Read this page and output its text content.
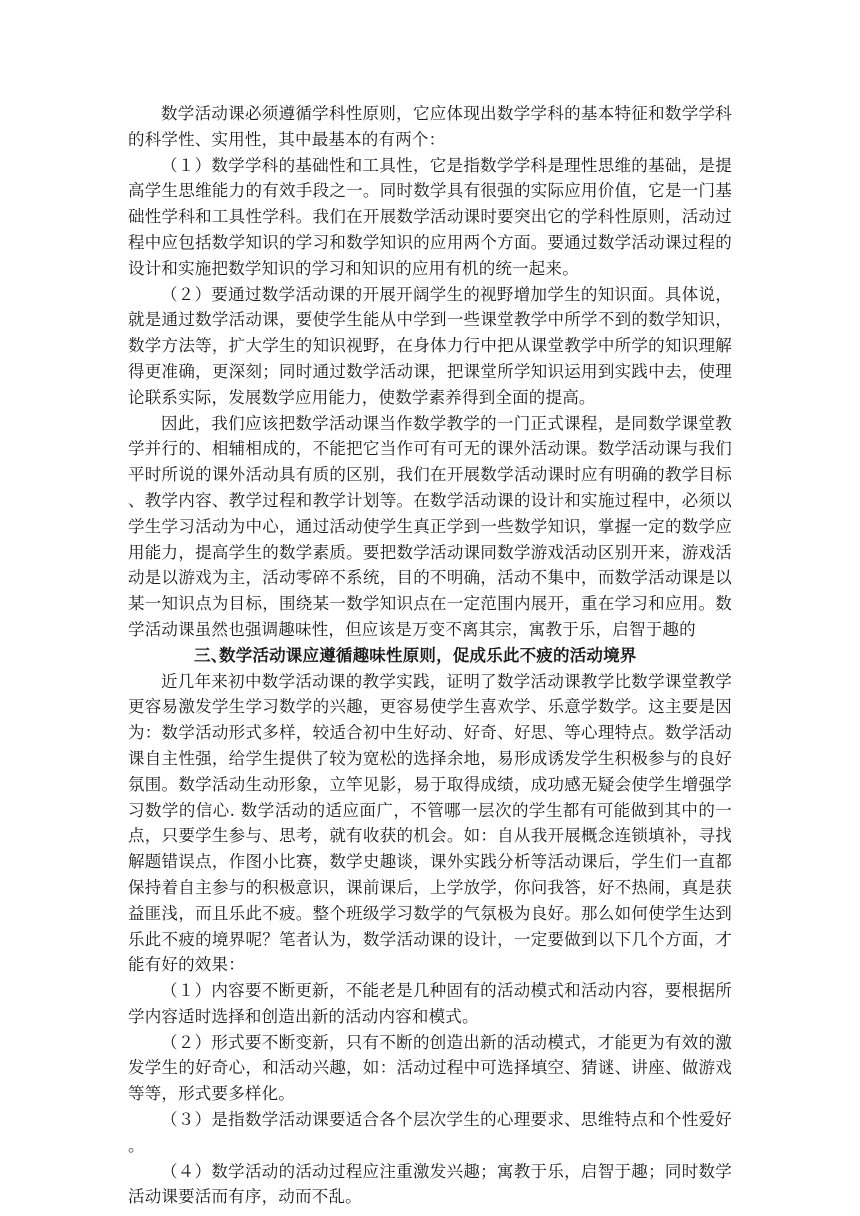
数学活动课必须遵循学科性原则，它应体现出数学学科的基本特征和数学学科的科学性、实用性，其中最基本的有两个：

（１）数学学科的基础性和工具性，它是指数学学科是理性思维的基础，是提高学生思维能力的有效手段之一。同时数学具有很强的实际应用价值，它是一门基础性学科和工具性学科。我们在开展数学活动课时要突出它的学科性原则，活动过程中应包括数学知识的学习和数学知识的应用两个方面。要通过数学活动课过程的设计和实施把数学知识的学习和知识的应用有机的统一起来。

（２）要通过数学活动课的开展开阔学生的视野增加学生的知识面。具体说，就是通过数学活动课，要使学生能从中学到一些课堂教学中所学不到的数学知识，数学方法等，扩大学生的知识视野，在身体力行中把从课堂教学中所学的知识理解得更准确，更深刻；同时通过数学活动课，把课堂所学知识运用到实践中去，使理论联系实际，发展数学应用能力，使数学素养得到全面的提高。

因此，我们应该把数学活动课当作数学教学的一门正式课程，是同数学课堂教学并行的、相辅相成的，不能把它当作可有可无的课外活动课。数学活动课与我们平时所说的课外活动具有质的区别，我们在开展数学活动课时应有明确的教学目标、教学内容、教学过程和教学计划等。在数学活动课的设计和实施过程中，必须以学生学习活动为中心，通过活动使学生真正学到一些数学知识，掌握一定的数学应用能力，提高学生的数学素质。要把数学活动课同数学游戏活动区别开来，游戏活动是以游戏为主，活动零碎不系统，目的不明确，活动不集中，而数学活动课是以某一知识点为目标，围绕某一数学知识点在一定范围内展开，重在学习和应用。数学活动课虽然也强调趣味性，但应该是万变不离其宗，寓教于乐，启智于趣的

三、数学活动课应遵循趣味性原则，促成乐此不疲的活动境界

近几年来初中数学活动课的教学实践，证明了数学活动课教学比数学课堂教学更容易激发学生学习数学的兴趣，更容易使学生喜欢学、乐意学数学。这主要是因为：数学活动形式多样，较适合初中生好动、好奇、好思、等心理特点。数学活动课自主性强，给学生提供了较为宽松的选择余地，易形成诱发学生积极参与的良好氛围。数学活动生动形象，立竿见影，易于取得成绩，成功感无疑会使学生增强学习数学的信心. 数学活动的适应面广，不管哪一层次的学生都有可能做到其中的一点，只要学生参与、思考，就有收获的机会。如：自从我开展概念连锁填补，寻找解题错误点，作图小比赛，数学史趣谈，课外实践分析等活动课后，学生们一直都保持着自主参与的积极意识，课前课后，上学放学，你问我答，好不热闹，真是获益匪浅，而且乐此不疲。整个班级学习数学的气氛极为良好。那么如何使学生达到乐此不疲的境界呢？笔者认为，数学活动课的设计，一定要做到以下几个方面，才能有好的效果：

（１）内容要不断更新，不能老是几种固有的活动模式和活动内容，要根据所学内容适时选择和创造出新的活动内容和模式。

（２）形式要不断变新，只有不断的创造出新的活动模式，才能更为有效的激发学生的好奇心，和活动兴趣，如：活动过程中可选择填空、猜谜、讲座、做游戏等等，形式要多样化。

（３）是指数学活动课要适合各个层次学生的心理要求、思维特点和个性爱好。

（４）数学活动的活动过程应注重激发兴趣；寓教于乐，启智于趣；同时数学活动课要活而有序，动而不乱。
